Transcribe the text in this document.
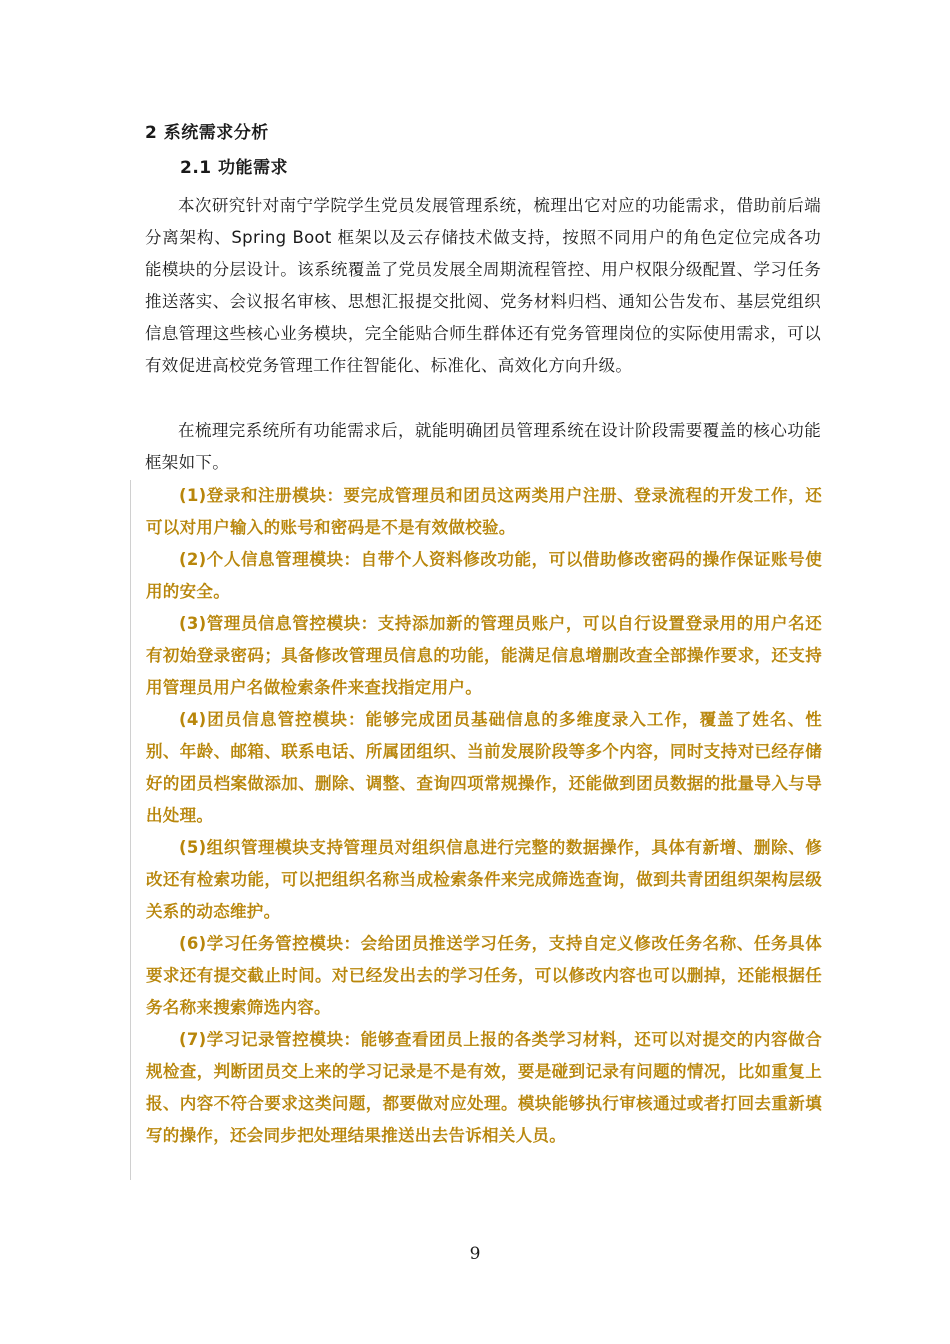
2 系统需求分析
2.1 功能需求

本次研究针对南宁学院学生党员发展管理系统，梳理出它对应的功能需求，借助前后端分离架构、Spring Boot 框架以及云存储技术做支持，按照不同用户的角色定位完成各功能模块的分层设计。该系统覆盖了党员发展全周期流程管控、用户权限分级配置、学习任务推送落实、会议报名审核、思想汇报提交批阅、党务材料归档、通知公告发布、基层党组织信息管理这些核心业务模块，完全能贴合师生群体还有党务管理岗位的实际使用需求，可以有效促进高校党务管理工作往智能化、标准化、高效化方向升级。

在梳理完系统所有功能需求后，就能明确团员管理系统在设计阶段需要覆盖的核心功能框架如下。

(1)登录和注册模块：要完成管理员和团员这两类用户注册、登录流程的开发工作，还可以对用户输入的账号和密码是不是有效做校验。

(2)个人信息管理模块：自带个人资料修改功能，可以借助修改密码的操作保证账号使用的安全。

(3)管理员信息管控模块：支持添加新的管理员账户，可以自行设置登录用的用户名还有初始登录密码；具备修改管理员信息的功能，能满足信息增删改查全部操作要求，还支持用管理员用户名做检索条件来查找指定用户。

(4)团员信息管控模块：能够完成团员基础信息的多维度录入工作，覆盖了姓名、性别、年龄、邮箱、联系电话、所属团组织、当前发展阶段等多个内容，同时支持对已经存储好的团员档案做添加、删除、调整、查询四项常规操作，还能做到团员数据的批量导入与导出处理。

(5)组织管理模块支持管理员对组织信息进行完整的数据操作，具体有新增、删除、修改还有检索功能，可以把组织名称当成检索条件来完成筛选查询，做到共青团组织架构层级关系的动态维护。

(6)学习任务管控模块：会给团员推送学习任务，支持自定义修改任务名称、任务具体要求还有提交截止时间。对已经发出去的学习任务，可以修改内容也可以删掉，还能根据任务名称来搜索筛选内容。

(7)学习记录管控模块：能够查看团员上报的各类学习材料，还可以对提交的内容做合规检查，判断团员交上来的学习记录是不是有效，要是碰到记录有问题的情况，比如重复上报、内容不符合要求这类问题，都要做对应处理。模块能够执行审核通过或者打回去重新填写的操作，还会同步把处理结果推送出去告诉相关人员。

9
